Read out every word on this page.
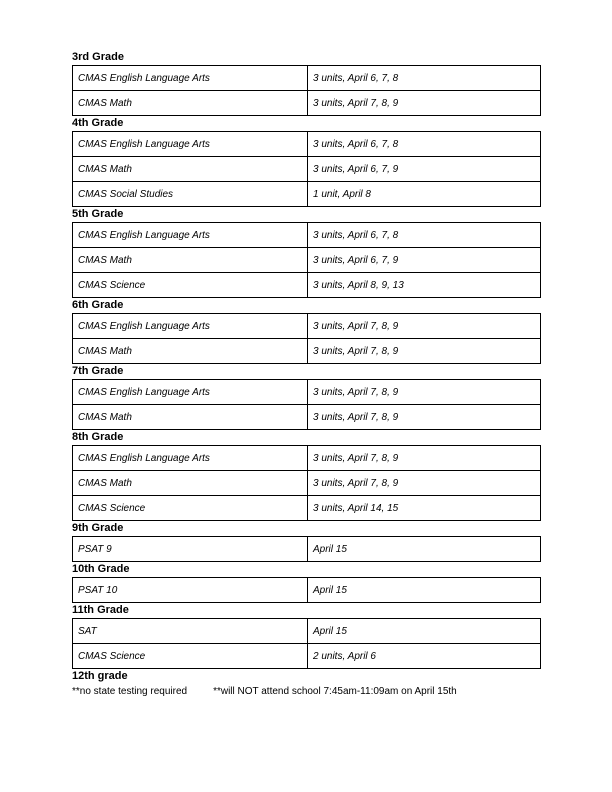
3rd Grade
CMAS English Language Arts	3 units, April 6, 7, 8
CMAS Math	3 units, April 7, 8, 9
4th Grade
CMAS English Language Arts	3 units, April 6, 7, 8
CMAS Math	3 units, April 6, 7, 9
CMAS Social Studies	1 unit, April 8
5th Grade
CMAS English Language Arts	3 units, April 6, 7, 8
CMAS Math	3 units, April 6, 7, 9
CMAS Science	3 units, April 8, 9, 13
6th Grade
CMAS English Language Arts	3 units, April 7, 8, 9
CMAS Math	3 units, April 7, 8, 9
7th Grade
CMAS English Language Arts	3 units, April 7, 8, 9
CMAS Math	3 units, April 7, 8, 9
8th Grade
CMAS English Language Arts	3 units, April 7, 8, 9
CMAS Math	3 units, April 7, 8, 9
CMAS Science	3 units, April 14, 15
9th Grade
PSAT 9	April 15
10th Grade
PSAT 10	April 15
11th Grade
SAT	April 15
CMAS Science	2 units, April 6
12th grade
**no state testing required	**will NOT attend school 7:45am-11:09am on April 15th
